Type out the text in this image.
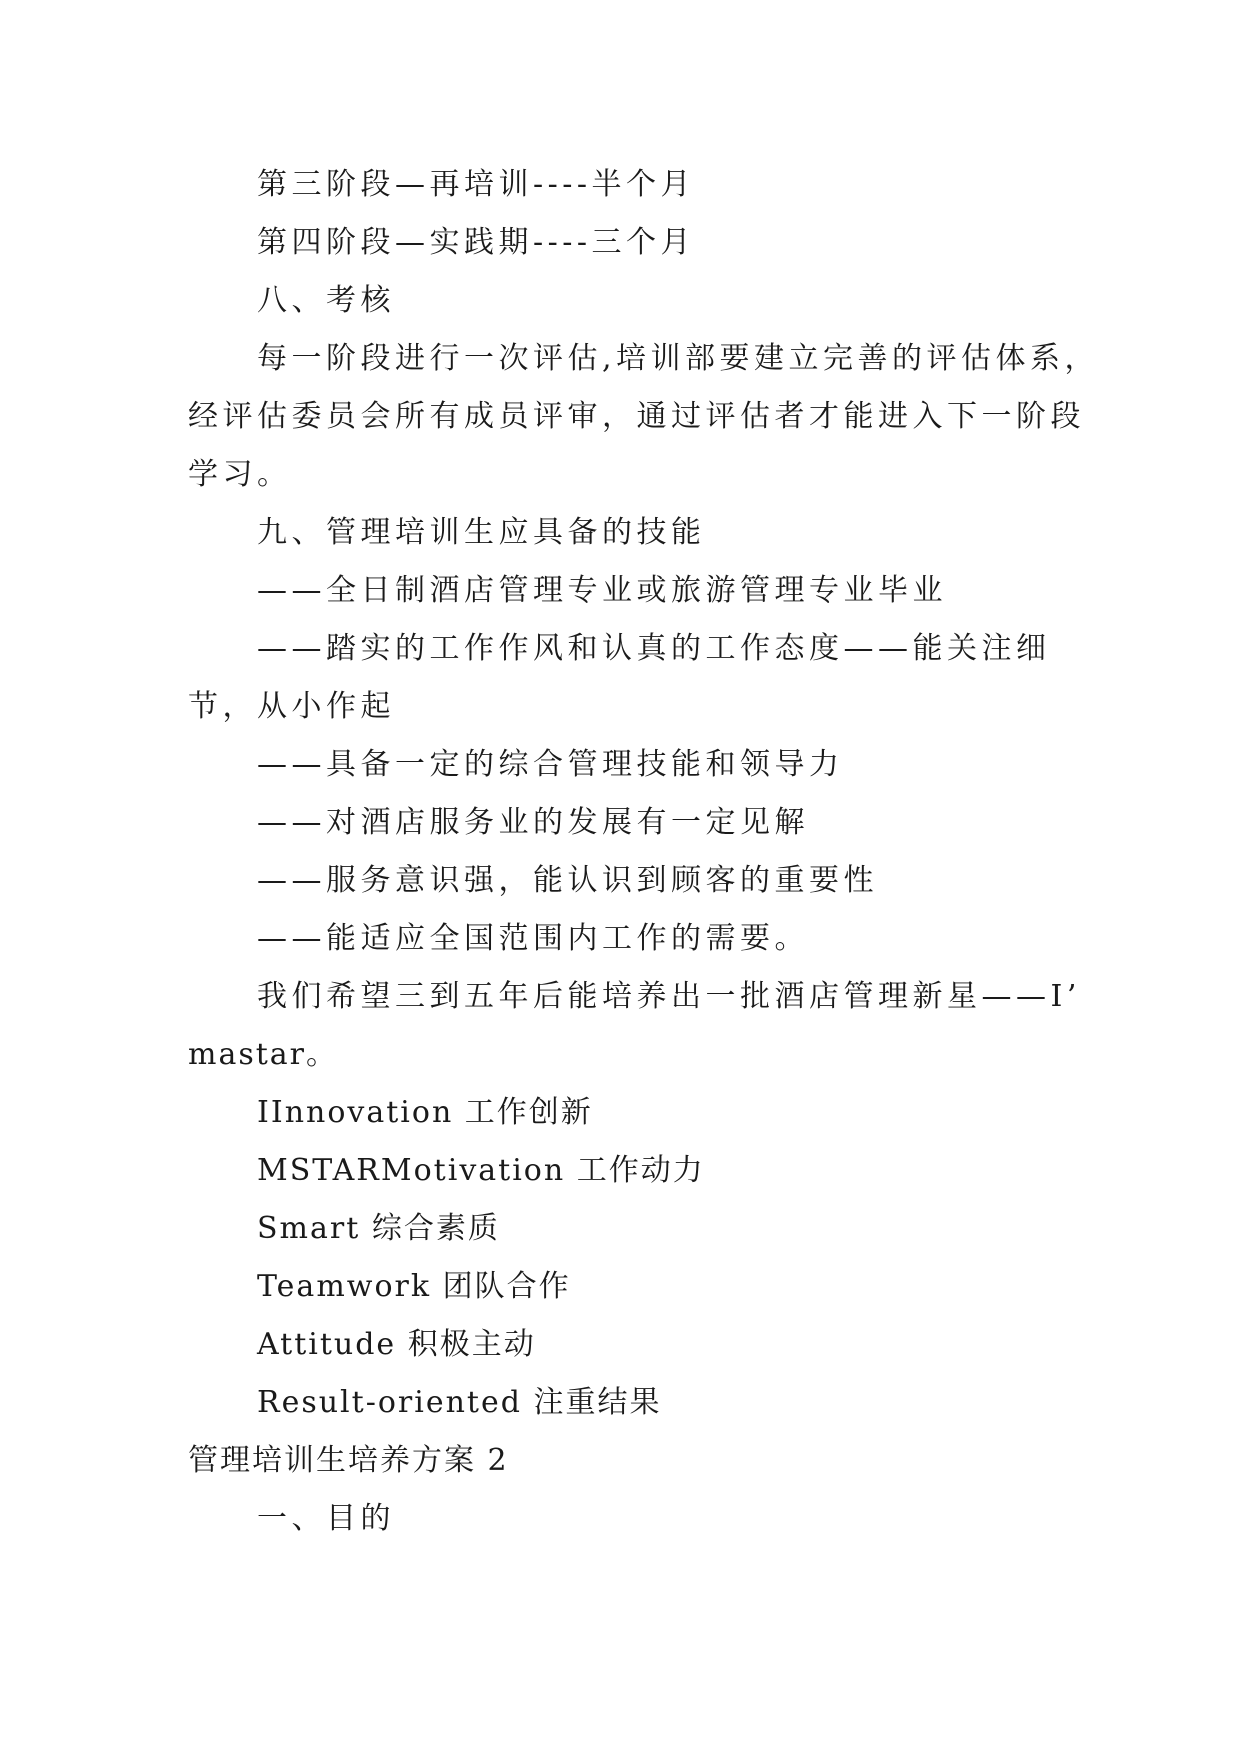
第三阶段—再培训----半个月
第四阶段—实践期----三个月
八、考核
每一阶段进行一次评估,培训部要建立完善的评估体系，
经评估委员会所有成员评审，通过评估者才能进入下一阶段
学习。
九、管理培训生应具备的技能
——全日制酒店管理专业或旅游管理专业毕业
——踏实的工作作风和认真的工作态度——能关注细
节，从小作起
——具备一定的综合管理技能和领导力
——对酒店服务业的发展有一定见解
——服务意识强，能认识到顾客的重要性
——能适应全国范围内工作的需要。
我们希望三到五年后能培养出一批酒店管理新星——I’
mastar。
IInnovation 工作创新
MSTARMotivation 工作动力
Smart 综合素质
Teamwork 团队合作
Attitude 积极主动
Result-oriented 注重结果
管理培训生培养方案 2
一、目的
